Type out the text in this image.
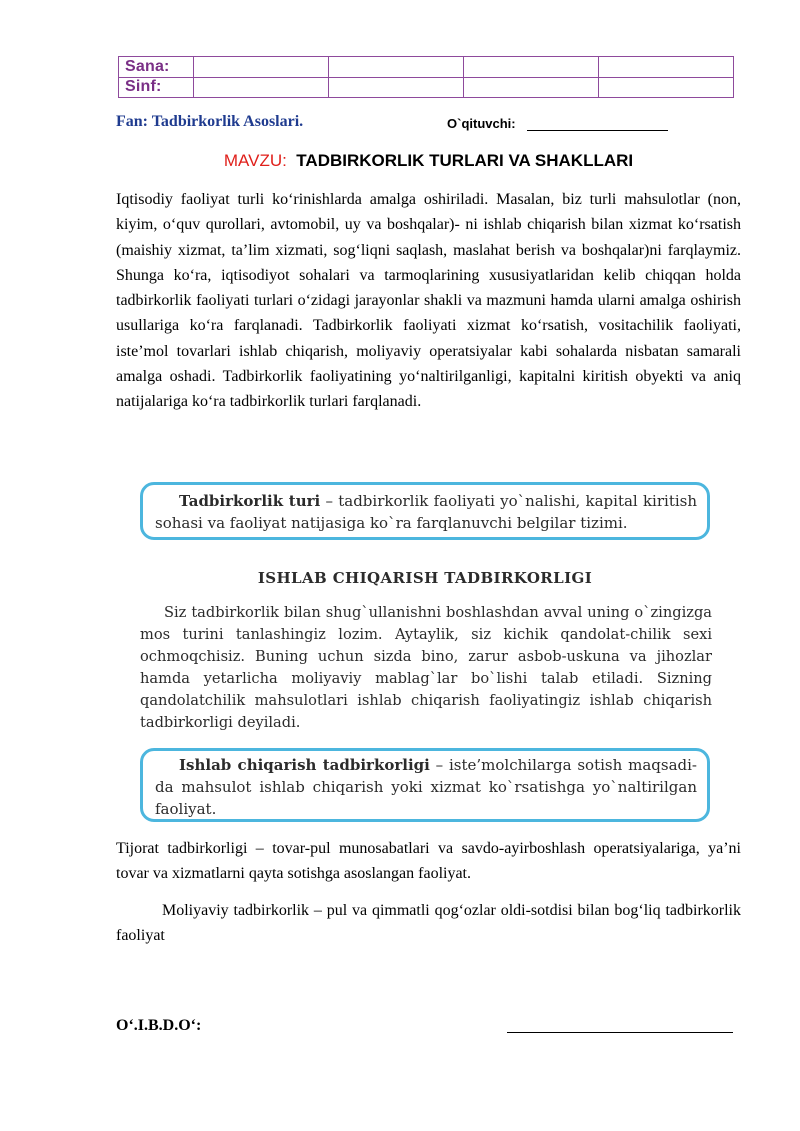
Sana:				
Sinf:				
Fan: Tadbirkorlik Asoslari.	O`qituvchi:
MAVZU: TADBIRKORLIK TURLARI VA SHAKLLARI
Iqtisodiy faoliyat turli ko‘rinishlarda amalga oshiriladi. Masalan, biz turli mahsulotlar (non, kiyim, o‘quv qurollari, avtomobil, uy va boshqalar)- ni ishlab chiqarish bilan xizmat ko‘rsatish (maishiy xizmat, ta’lim xizmati, sog‘liqni saqlash, maslahat berish va boshqalar)ni farqlaymiz. Shunga ko‘ra, iqtisodiyot sohalari va tarmoqlarining xususiyatlaridan kelib chiqqan holda tadbirkorlik faoliyati turlari o‘zidagi jarayonlar shakli va mazmuni hamda ularni amalga oshirish usullariga ko‘ra farqlanadi. Tadbirkorlik faoliyati xizmat ko‘rsatish, vositachilik faoliyati, iste’mol tovarlari ishlab chiqarish, moliyaviy operatsiyalar kabi sohalarda nisbatan samarali amalga oshadi. Tadbirkorlik faoliyatining yo‘naltirilganligi, kapitalni kiritish obyekti va aniq natijalariga ko‘ra tadbirkorlik turlari farqlanadi.
Tadbirkorlik turi – tadbirkorlik faoliyati yo`nalishi, kapital kiritish sohasi va faoliyat natijasiga ko`ra farqlanuvchi belgilar tizimi.
ISHLAB CHIQARISH TADBIRKORLIGI
Siz tadbirkorlik bilan shug`ullanishni boshlashdan avval uning o`zingizga mos turini tanlashingiz lozim. Aytaylik, siz kichik qandolat-chilik sexi ochmoqchisiz. Buning uchun sizda bino, zarur asbob-uskuna va jihozlar hamda yetarlicha moliyaviy mablag`lar bo`lishi talab etiladi. Sizning qandolatchilik mahsulotlari ishlab chiqarish faoliyatingiz ishlab chiqarish tadbirkorligi deyiladi.
Ishlab chiqarish tadbirkorligi – iste’molchilarga sotish maqsadi-da mahsulot ishlab chiqarish yoki xizmat ko`rsatishga yo`naltirilgan faoliyat.
Tijorat tadbirkorligi – tovar-pul munosabatlari va savdo-ayirboshlash operatsiyalariga, ya’ni tovar va xizmatlarni qayta sotishga asoslangan faoliyat.
Moliyaviy tadbirkorlik – pul va qimmatli qog‘ozlar oldi-sotdisi bilan bog‘liq tadbirkorlik faoliyat
O‘.I.B.D.O‘:
